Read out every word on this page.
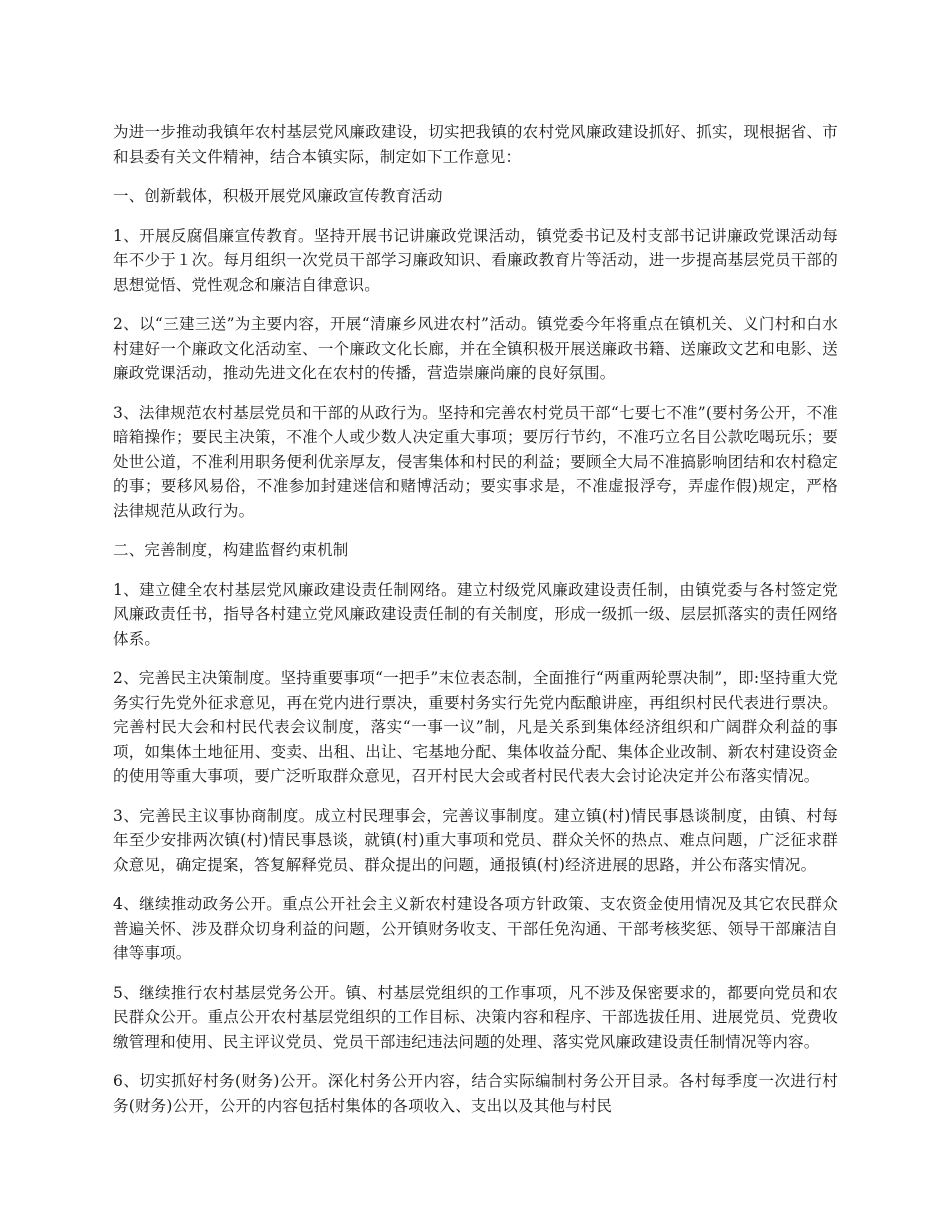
为进一步推动我镇年农村基层党风廉政建设，切实把我镇的农村党风廉政建设抓好、抓实，现根据省、市和县委有关文件精神，结合本镇实际，制定如下工作意见：

一、创新载体，积极开展党风廉政宣传教育活动

1、开展反腐倡廉宣传教育。坚持开展书记讲廉政党课活动，镇党委书记及村支部书记讲廉政党课活动每年不少于１次。每月组织一次党员干部学习廉政知识、看廉政教育片等活动，进一步提高基层党员干部的思想觉悟、党性观念和廉洁自律意识。

2、以“三建三送”为主要内容，开展“清廉乡风进农村”活动。镇党委今年将重点在镇机关、义门村和白水村建好一个廉政文化活动室、一个廉政文化长廊，并在全镇积极开展送廉政书籍、送廉政文艺和电影、送廉政党课活动，推动先进文化在农村的传播，营造崇廉尚廉的良好氛围。

3、法律规范农村基层党员和干部的从政行为。坚持和完善农村党员干部“七要七不准”(要村务公开，不准暗箱操作；要民主决策，不准个人或少数人决定重大事项；要厉行节约，不准巧立名目公款吃喝玩乐；要处世公道，不准利用职务便利优亲厚友，侵害集体和村民的利益；要顾全大局不准搞影响团结和农村稳定的事；要移风易俗，不准参加封建迷信和赌博活动；要实事求是，不准虚报浮夸，弄虚作假)规定，严格法律规范从政行为。

二、完善制度，构建监督约束机制

1、建立健全农村基层党风廉政建设责任制网络。建立村级党风廉政建设责任制，由镇党委与各村签定党风廉政责任书，指导各村建立党风廉政建设责任制的有关制度，形成一级抓一级、层层抓落实的责任网络体系。

2、完善民主决策制度。坚持重要事项“一把手”末位表态制，全面推行“两重两轮票决制”，即:坚持重大党务实行先党外征求意见，再在党内进行票决，重要村务实行先党内酝酿讲座，再组织村民代表进行票决。完善村民大会和村民代表会议制度，落实“一事一议”制，凡是关系到集体经济组织和广阔群众利益的事项，如集体土地征用、变卖、出租、出让、宅基地分配、集体收益分配、集体企业改制、新农村建设资金的使用等重大事项，要广泛听取群众意见，召开村民大会或者村民代表大会讨论决定并公布落实情况。

3、完善民主议事协商制度。成立村民理事会，完善议事制度。建立镇(村)情民事恳谈制度，由镇、村每年至少安排两次镇(村)情民事恳谈，就镇(村)重大事项和党员、群众关怀的热点、难点问题，广泛征求群众意见，确定提案，答复解释党员、群众提出的问题，通报镇(村)经济进展的思路，并公布落实情况。

4、继续推动政务公开。重点公开社会主义新农村建设各项方针政策、支农资金使用情况及其它农民群众普遍关怀、涉及群众切身利益的问题，公开镇财务收支、干部任免沟通、干部考核奖惩、领导干部廉洁自律等事项。

5、继续推行农村基层党务公开。镇、村基层党组织的工作事项，凡不涉及保密要求的，都要向党员和农民群众公开。重点公开农村基层党组织的工作目标、决策内容和程序、干部选拔任用、进展党员、党费收缴管理和使用、民主评议党员、党员干部违纪违法问题的处理、落实党风廉政建设责任制情况等内容。

6、切实抓好村务(财务)公开。深化村务公开内容，结合实际编制村务公开目录。各村每季度一次进行村务(财务)公开，公开的内容包括村集体的各项收入、支出以及其他与村民
